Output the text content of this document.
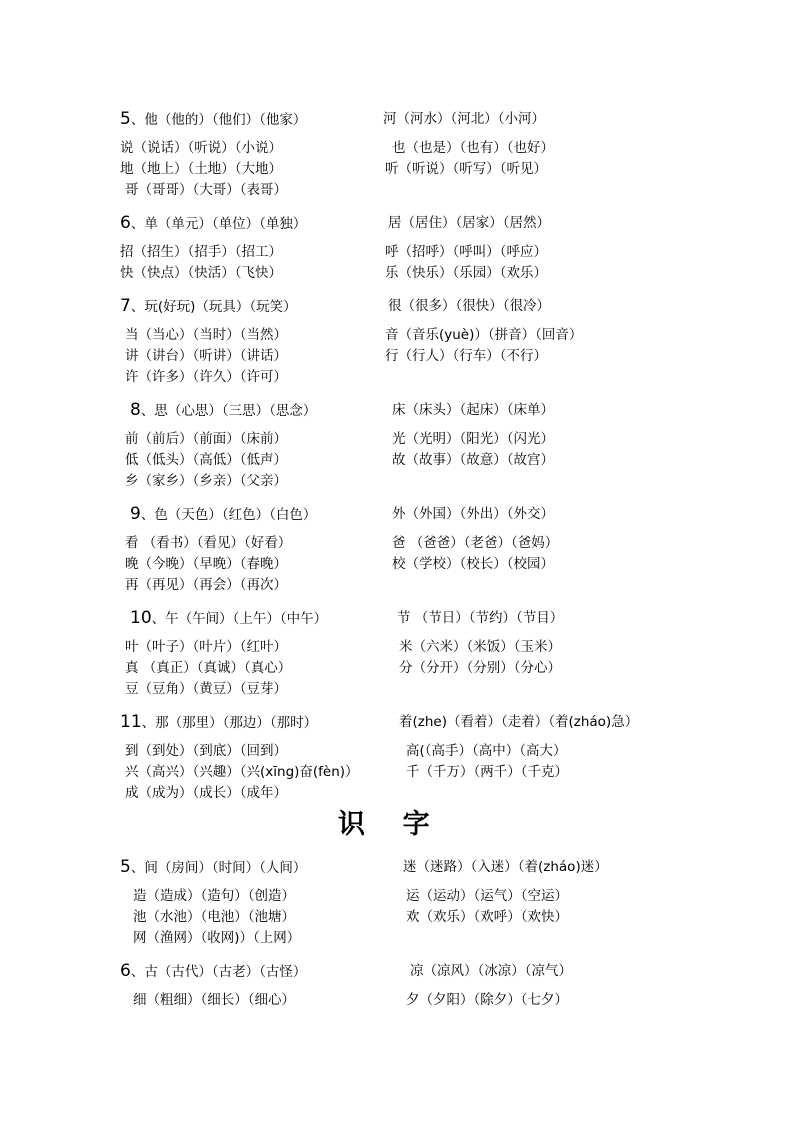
5、他（他的）（他们）（他家）	河（河水）（河北）（小河）
说（说话）（听说）（小说）	也（也是）（也有）（也好）
地（地上）（土地）（大地）	听（听说）（听写）（听见）
哥（哥哥）（大哥）（表哥）
6、单（单元）（单位）（单独）	居（居住）（居家）（居然）
招（招生）（招手）（招工）	呼（招呼）（呼叫）（呼应）
快（快点）（快活）（飞快）	乐（快乐）（乐园）（欢乐）
7、玩(好玩)（玩具）（玩笑）	很（很多）（很快）（很冷）
当（当心）（当时）（当然）	音（音乐(yuè)）（拼音）（回音）
讲（讲台）（听讲）（讲话）	行（行人）（行车）（不行）
许（许多）（许久）（许可）
8、思（心思）（三思）（思念）	床（床头）（起床）（床单）
前（前后）（前面）（床前）	光（光明）（阳光）（闪光）
低（低头）（高低）（低声）	故（故事）（故意）（故宫）
乡（家乡）（乡亲）（父亲）
9、色（天色）（红色）（白色）	外（外国）（外出）（外交）
看 （看书）（看见）（好看）	爸 （爸爸）（老爸）（爸妈）
晚（今晚）（早晚）（春晚）	校（学校）（校长）（校园）
再（再见）（再会）（再次）
10、午（午间）（上午）（中午）	节 （节日）（节约）（节目）
叶（叶子）（叶片）（红叶）	米（六米）（米饭）（玉米）
真 （真正）（真诚）（真心）	分（分开）（分别）（分心）
豆（豆角）（黄豆）（豆芽）
11、那（那里）（那边）（那时）	着(zhe)（看着）（走着）（着(zháo)急）
到（到处）（到底）（回到）	高(（高手）（高中）（高大）
兴（高兴）（兴趣）（兴(xīng)奋(fèn)）	千（千万）（两千）（千克）
成（成为）（成长）（成年）
5、间（房间）（时间）（人间）	迷（迷路）（入迷）（着(zháo)迷）
造（造成）（造句）（创造）	运（运动）（运气）（空运）
池（水池）（电池）（池塘）	欢（欢乐）（欢呼）（欢快）
网（渔网）（收网)）（上网）
6、古（古代）（古老）（古怪）	凉（凉风）（冰凉）（凉气）
细（粗细）（细长）（细心）	夕（夕阳）（除夕）（七夕）
识    字
